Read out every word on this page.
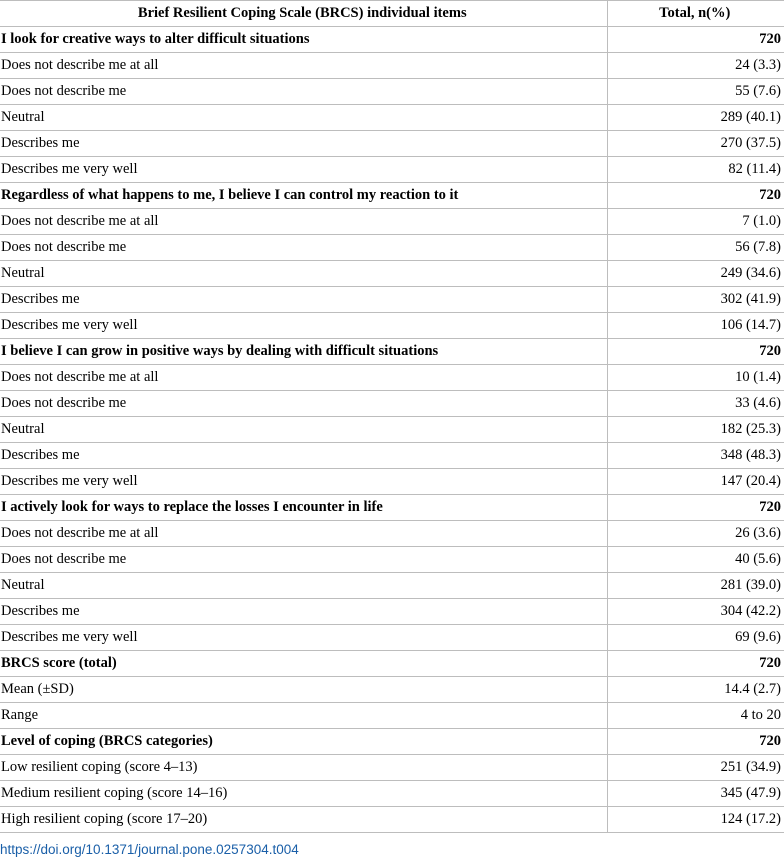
Brief Resilient Coping Scale (BRCS) individual items	Total, n(%)
I look for creative ways to alter difficult situations	720
Does not describe me at all	24 (3.3)
Does not describe me	55 (7.6)
Neutral	289 (40.1)
Describes me	270 (37.5)
Describes me very well	82 (11.4)
Regardless of what happens to me, I believe I can control my reaction to it	720
Does not describe me at all	7 (1.0)
Does not describe me	56 (7.8)
Neutral	249 (34.6)
Describes me	302 (41.9)
Describes me very well	106 (14.7)
I believe I can grow in positive ways by dealing with difficult situations	720
Does not describe me at all	10 (1.4)
Does not describe me	33 (4.6)
Neutral	182 (25.3)
Describes me	348 (48.3)
Describes me very well	147 (20.4)
I actively look for ways to replace the losses I encounter in life	720
Does not describe me at all	26 (3.6)
Does not describe me	40 (5.6)
Neutral	281 (39.0)
Describes me	304 (42.2)
Describes me very well	69 (9.6)
BRCS score (total)	720
Mean (±SD)	14.4 (2.7)
Range	4 to 20
Level of coping (BRCS categories)	720
Low resilient coping (score 4–13)	251 (34.9)
Medium resilient coping (score 14–16)	345 (47.9)
High resilient coping (score 17–20)	124 (17.2)
https://doi.org/10.1371/journal.pone.0257304.t004
